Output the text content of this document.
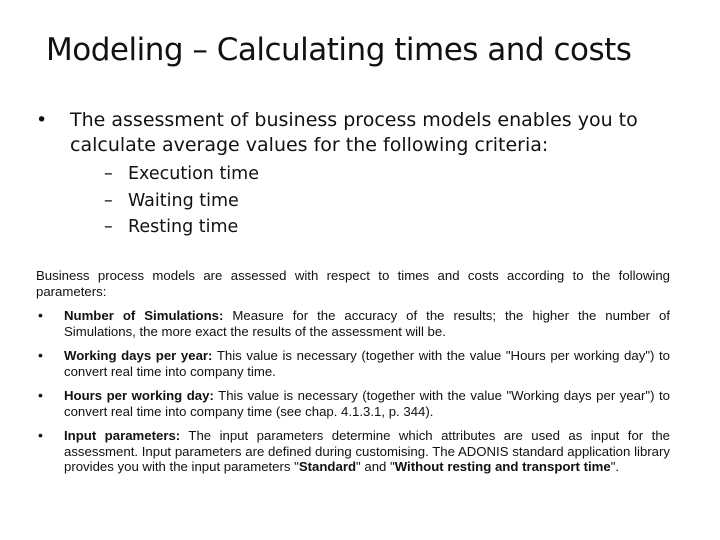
Modeling – Calculating times and costs
• The assessment of business process models enables you to calculate average values for the following criteria:
– Execution time
– Waiting time
– Resting time
Business process models are assessed with respect to times and costs according to the following parameters:
• Number of Simulations: Measure for the accuracy of the results; the higher the number of Simulations, the more exact the results of the assessment will be.
• Working days per year: This value is necessary (together with the value "Hours per working day") to convert real time into company time.
• Hours per working day: This value is necessary (together with the value "Working days per year") to convert real time into company time (see chap. 4.1.3.1, p. 344).
• Input parameters: The input parameters determine which attributes are used as input for the assessment. Input parameters are defined during customising. The ADONIS standard application library provides you with the input parameters "Standard" and "Without resting and transport time".
